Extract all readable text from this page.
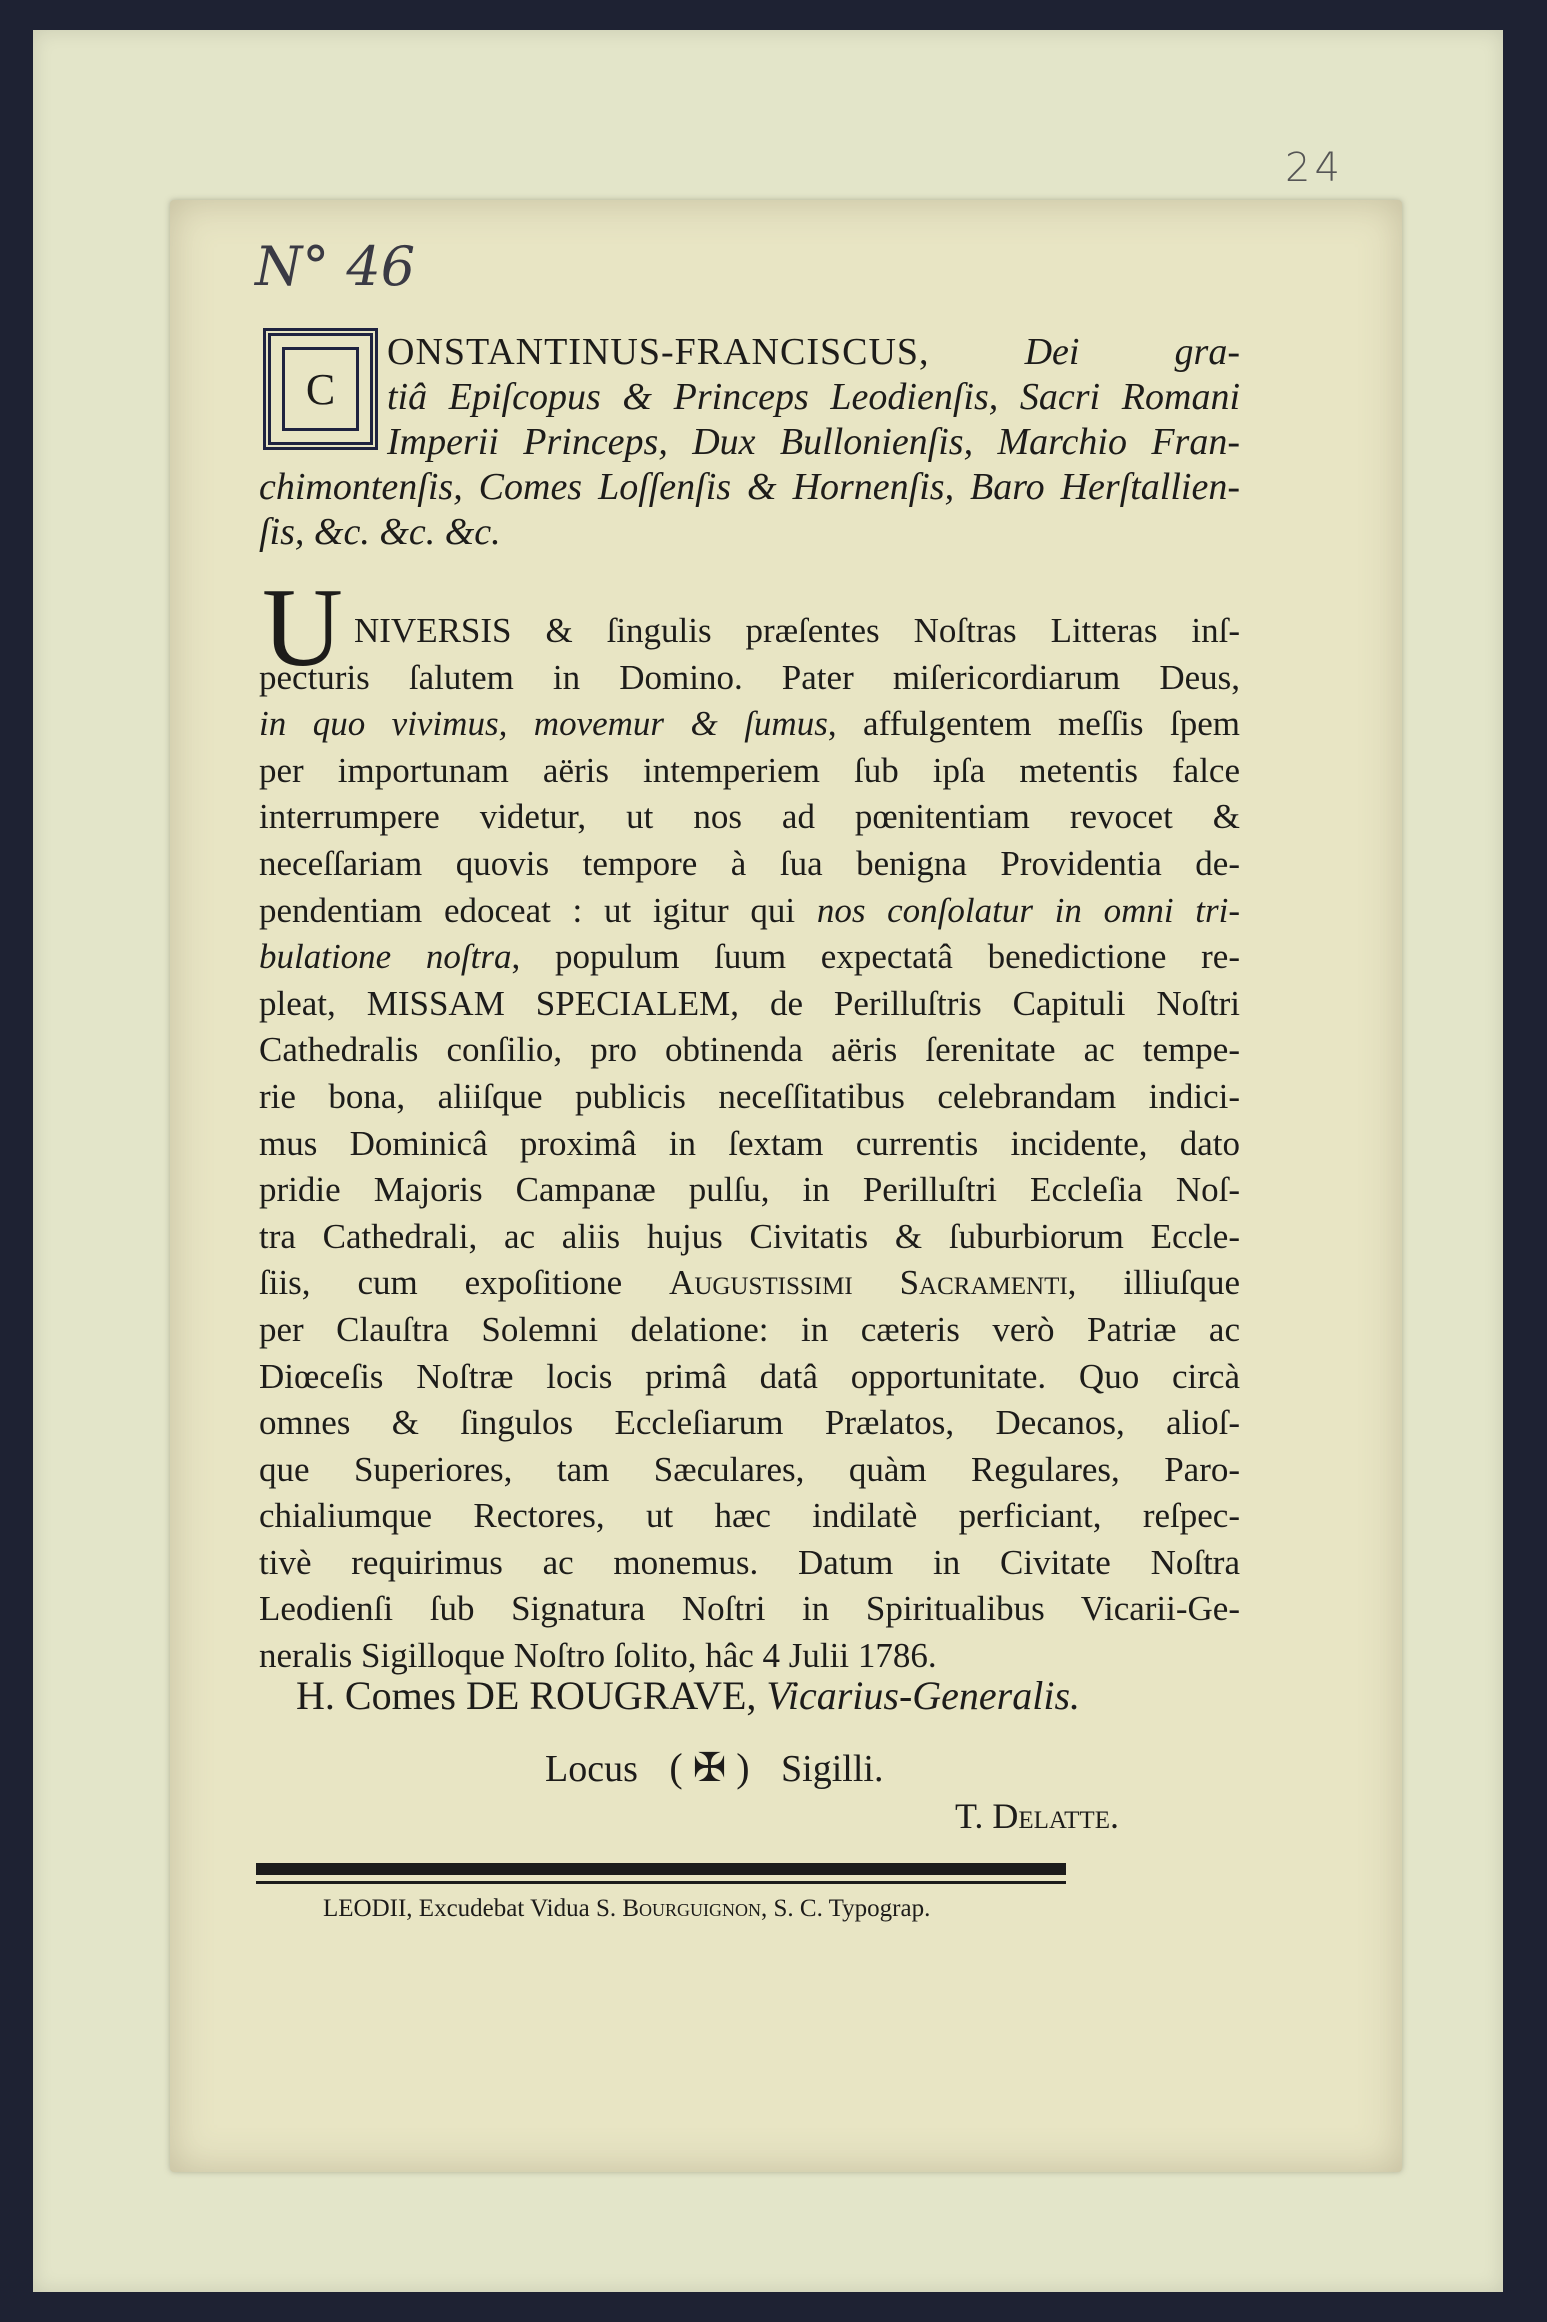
24
N° 46
C
ONSTANTINUS-FRANCISCUS, Dei gra-
tiâ Epiſcopus & Princeps Leodienſis, Sacri Romani
Imperii Princeps, Dux Bullonienſis, Marchio Fran-
chimontenſis, Comes Loſſenſis & Hornenſis, Baro Herſtallien-
ſis, &c. &c. &c.
U NIVERSIS & ſingulis præſentes Noſtras Litteras inſ-
pecturis ſalutem in Domino. Pater miſericordiarum Deus,
in quo vivimus, movemur & ſumus, affulgentem meſſis ſpem
per importunam aëris intemperiem ſub ipſa metentis falce
interrumpere videtur, ut nos ad pœnitentiam revocet &
neceſſariam quovis tempore à ſua benigna Providentia de-
pendentiam edoceat : ut igitur qui nos conſolatur in omni tri-
bulatione noſtra, populum ſuum expectatâ benedictione re-
pleat, MISSAM SPECIALEM, de Perilluſtris Capituli Noſtri
Cathedralis conſilio, pro obtinenda aëris ſerenitate ac tempe-
rie bona, aliiſque publicis neceſſitatibus celebrandam indici-
mus Dominicâ proximâ in ſextam currentis incidente, dato
pridie Majoris Campanæ pulſu, in Perilluſtri Eccleſia Noſ-
tra Cathedrali, ac aliis hujus Civitatis & ſuburbiorum Eccle-
ſiis, cum expoſitione Augustissimi Sacramenti, illiuſque
per Clauſtra Solemni delatione: in cæteris verò Patriæ ac
Diœceſis Noſtræ locis primâ datâ opportunitate. Quo circà
omnes & ſingulos Eccleſiarum Prælatos, Decanos, alioſ-
que Superiores, tam Sæculares, quàm Regulares, Paro-
chialiumque Rectores, ut hæc indilatè perficiant, reſpec-
tivè requirimus ac monemus. Datum in Civitate Noſtra
Leodienſi ſub Signatura Noſtri in Spiritualibus Vicarii-Ge-
neralis Sigilloque Noſtro ſolito, hâc 4 Julii 1786.
H. Comes DE ROUGRAVE, Vicarius-Generalis.
Locus ( ✠ ) Sigilli.
T. Delatte.
LEODII, Excudebat Vidua S. Bourguignon, S. C. Typograp.
